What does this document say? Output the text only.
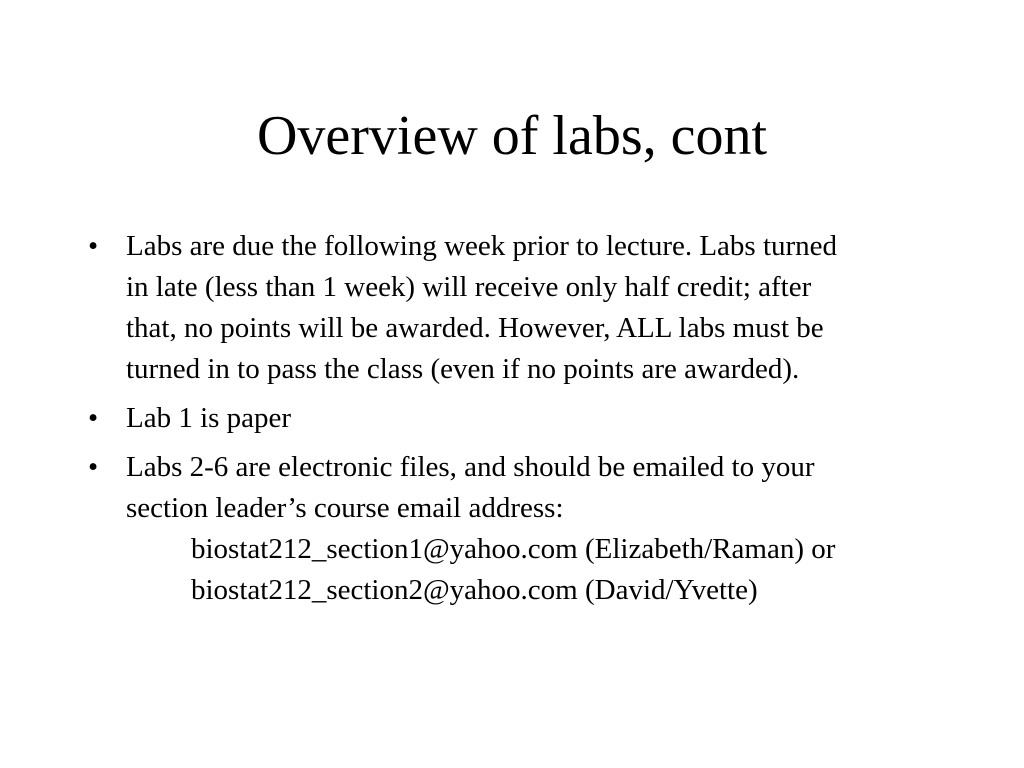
Overview of labs, cont
• Labs are due the following week prior to lecture. Labs turned
in late (less than 1 week) will receive only half credit; after
that, no points will be awarded. However, ALL labs must be
turned in to pass the class (even if no points are awarded).
• Lab 1 is paper
• Labs 2-6 are electronic files, and should be emailed to your
section leader’s course email address:
biostat212_section1@yahoo.com (Elizabeth/Raman) or
biostat212_section2@yahoo.com (David/Yvette)
